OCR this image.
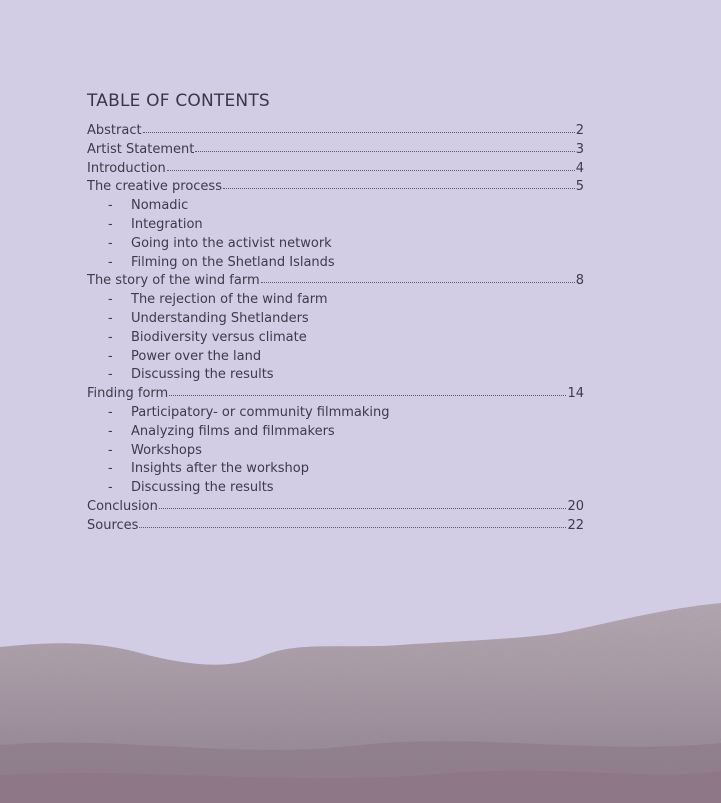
TABLE OF CONTENTS
Abstract	2
Artist Statement	3
Introduction	4
The creative process	5
- Nomadic
- Integration
- Going into the activist network
- Filming on the Shetland Islands
The story of the wind farm	8
- The rejection of the wind farm
- Understanding Shetlanders
- Biodiversity versus climate
- Power over the land
- Discussing the results
Finding form	14
- Participatory- or community filmmaking
- Analyzing films and filmmakers
- Workshops
- Insights after the workshop
- Discussing the results
Conclusion	20
Sources	22
